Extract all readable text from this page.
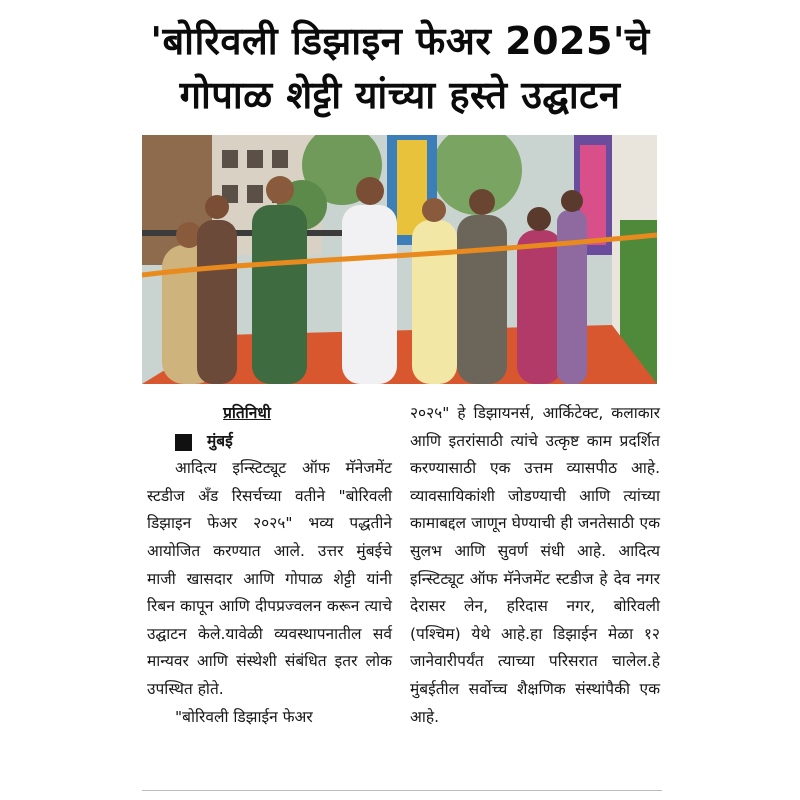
'बोरिवली डिझाइन फेअर 2025'चे
गोपाळ शेट्टी यांच्या हस्ते उद्घाटन
प्रतिनिधी
मुंबई
आदित्य इन्स्टिट्यूट ऑफ मॅनेजमेंट स्टडीज अँड रिसर्चच्या वतीने "बोरिवली डिझाइन फेअर २०२५" भव्य पद्धतीने आयोजित करण्यात आले. उत्तर मुंबईचे माजी खासदार आणि गोपाळ शेट्टी यांनी रिबन कापून आणि दीपप्रज्वलन करून त्याचे उद्घाटन केले.यावेळी व्यवस्थापनातील सर्व मान्यवर आणि संस्थेशी संबंधित इतर लोक उपस्थित होते.
"बोरिवली डिझाईन फेअर
२०२५" हे डिझायनर्स, आर्किटेक्ट, कलाकार आणि इतरांसाठी त्यांचे उत्कृष्ट काम प्रदर्शित करण्यासाठी एक उत्तम व्यासपीठ आहे. व्यावसायिकांशी जोडण्याची आणि त्यांच्या कामाबद्दल जाणून घेण्याची ही जनतेसाठी एक सुलभ आणि सुवर्ण संधी आहे. आदित्य इन्स्टिट्यूट ऑफ मॅनेजमेंट स्टडीज हे देव नगर देरासर लेन, हरिदास नगर, बोरिवली (पश्चिम) येथे आहे.हा डिझाईन मेळा १२ जानेवारीपर्यंत त्याच्या परिसरात चालेल.हे मुंबईतील सर्वोच्च शैक्षणिक संस्थांपैकी एक आहे.
